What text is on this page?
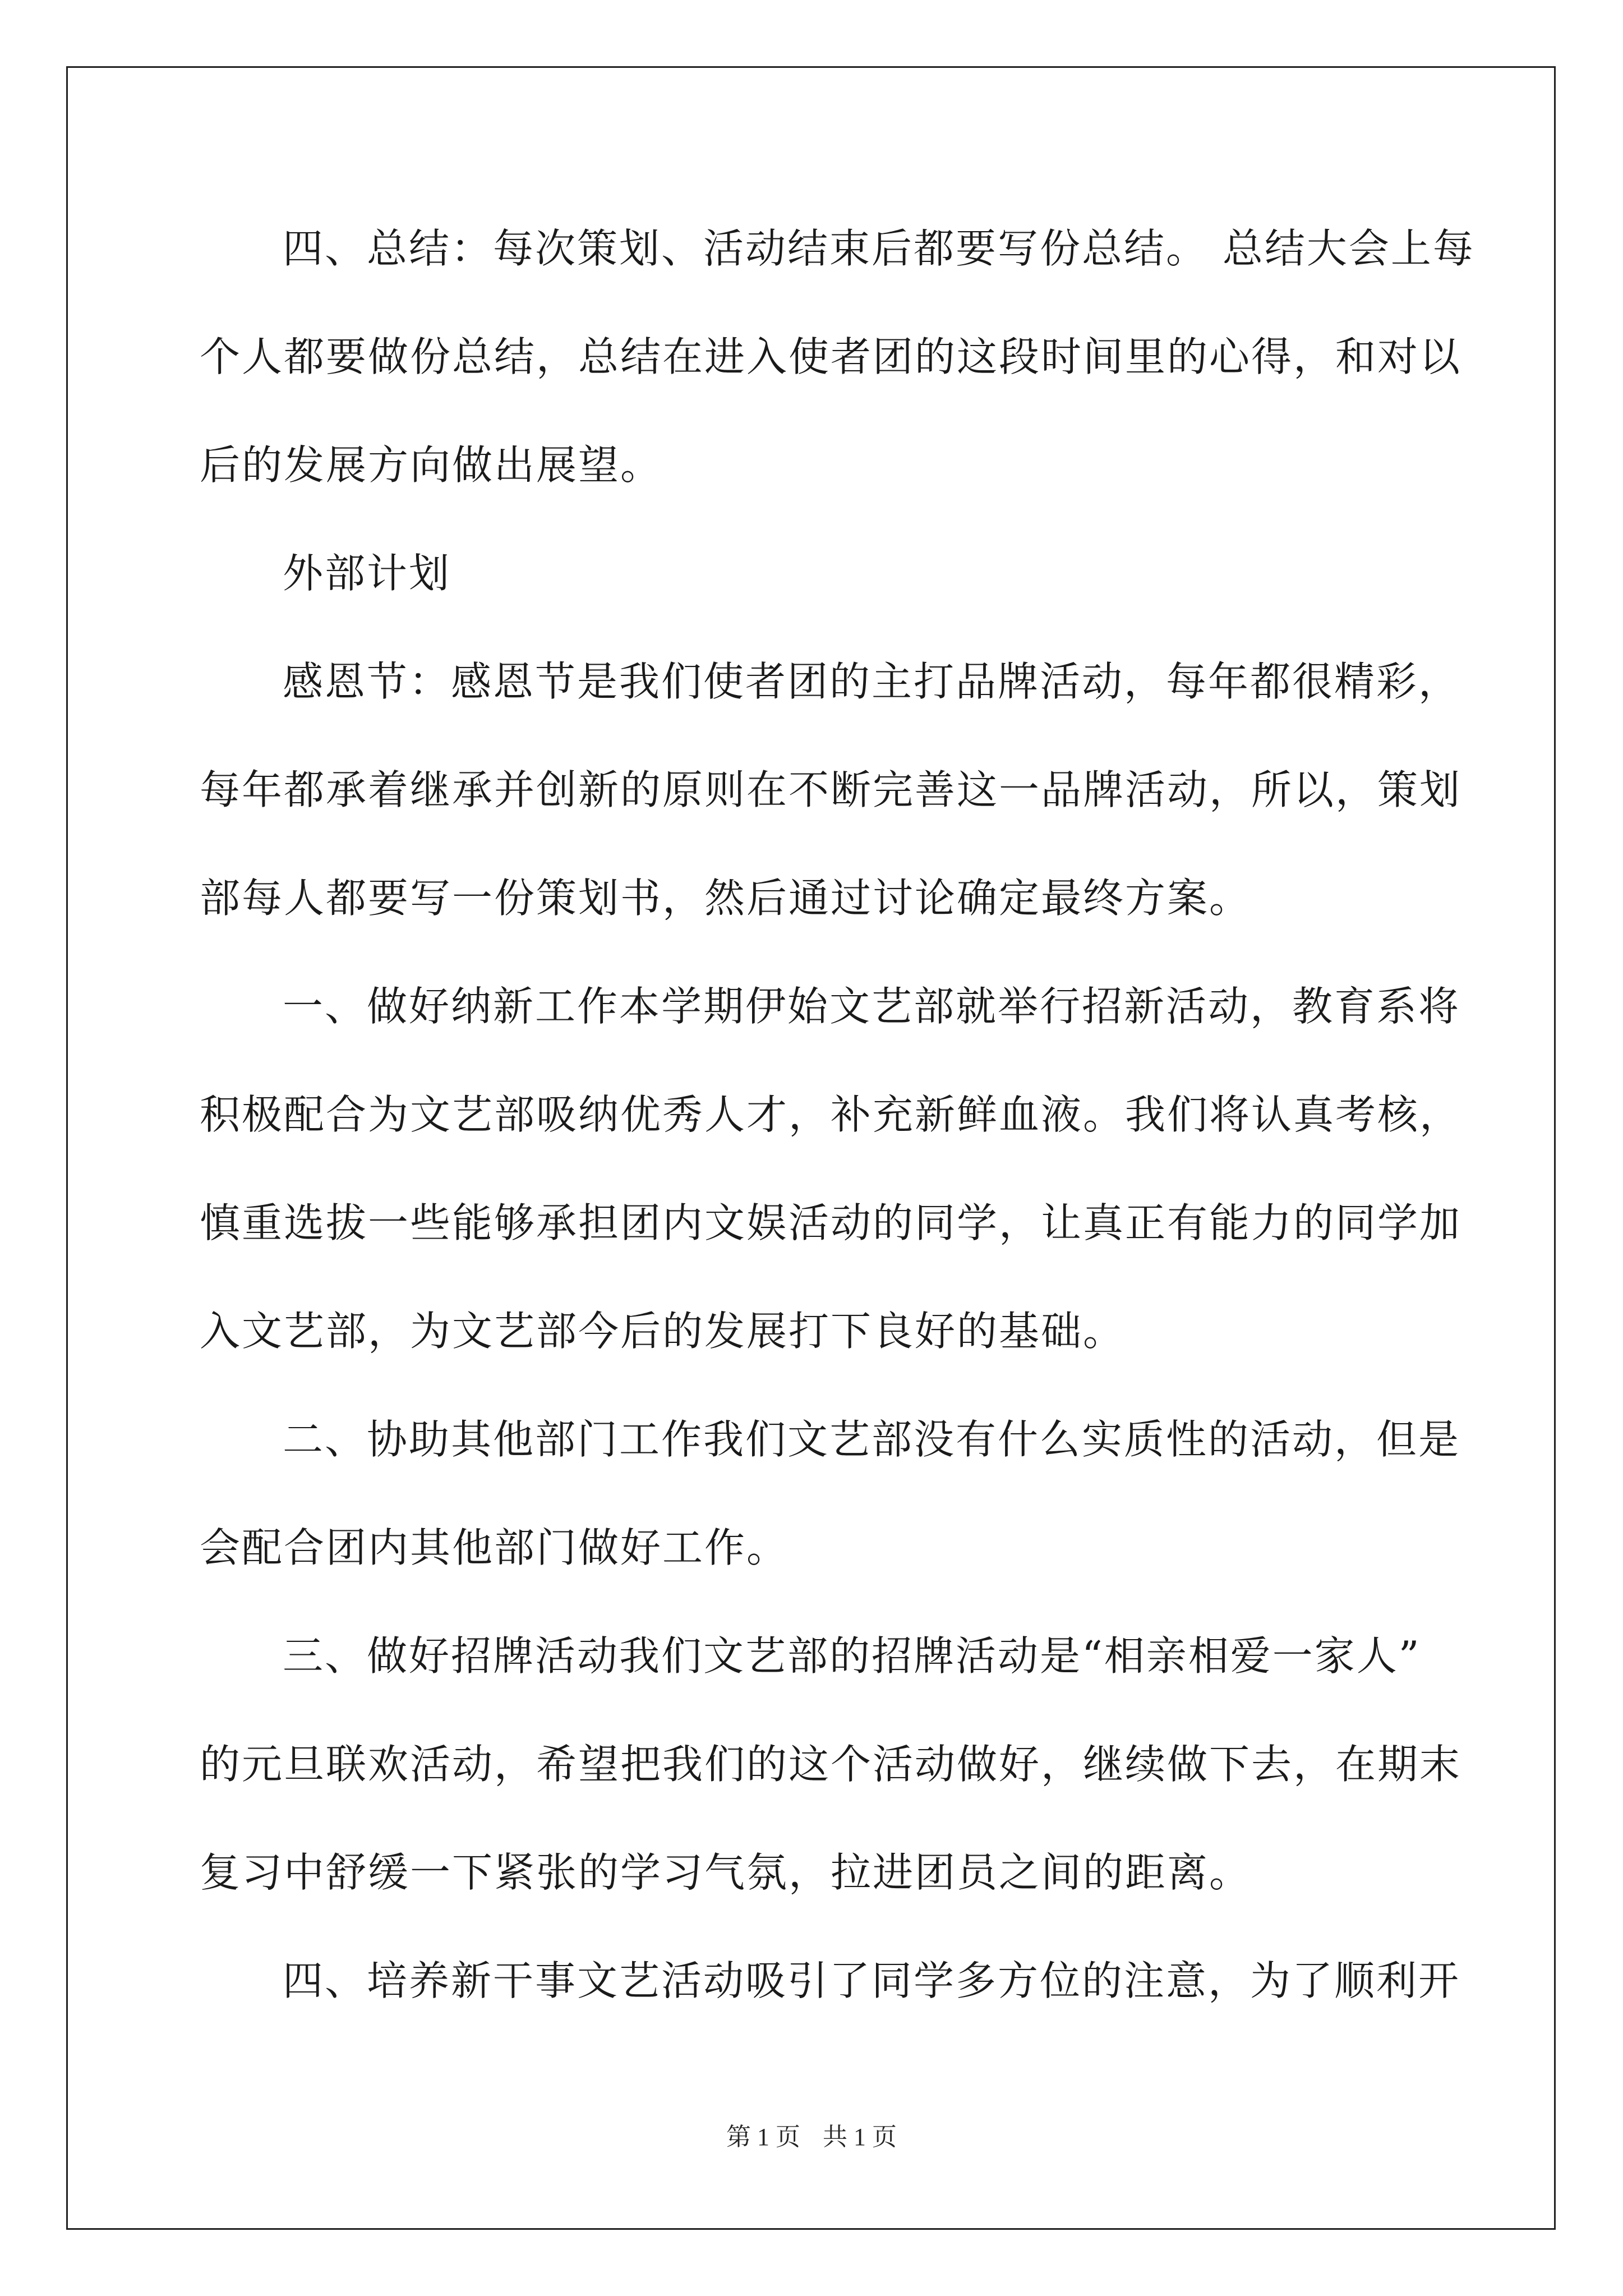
四、总结：每次策划、活动结束后都要写份总结。 总结大会上每
个人都要做份总结，总结在进入使者团的这段时间里的心得，和对以
后的发展方向做出展望。
外部计划
感恩节：感恩节是我们使者团的主打品牌活动，每年都很精彩，
每年都承着继承并创新的原则在不断完善这一品牌活动，所以，策划
部每人都要写一份策划书，然后通过讨论确定最终方案。
一、做好纳新工作本学期伊始文艺部就举行招新活动，教育系将
积极配合为文艺部吸纳优秀人才，补充新鲜血液。我们将认真考核，
慎重选拔一些能够承担团内文娱活动的同学，让真正有能力的同学加
入文艺部，为文艺部今后的发展打下良好的基础。
二、协助其他部门工作我们文艺部没有什么实质性的活动，但是
会配合团内其他部门做好工作。
三、做好招牌活动我们文艺部的招牌活动是“相亲相爱一家人”
的元旦联欢活动，希望把我们的这个活动做好，继续做下去，在期末
复习中舒缓一下紧张的学习气氛，拉进团员之间的距离。
四、培养新干事文艺活动吸引了同学多方位的注意，为了顺利开
第 1 页 共 1 页
